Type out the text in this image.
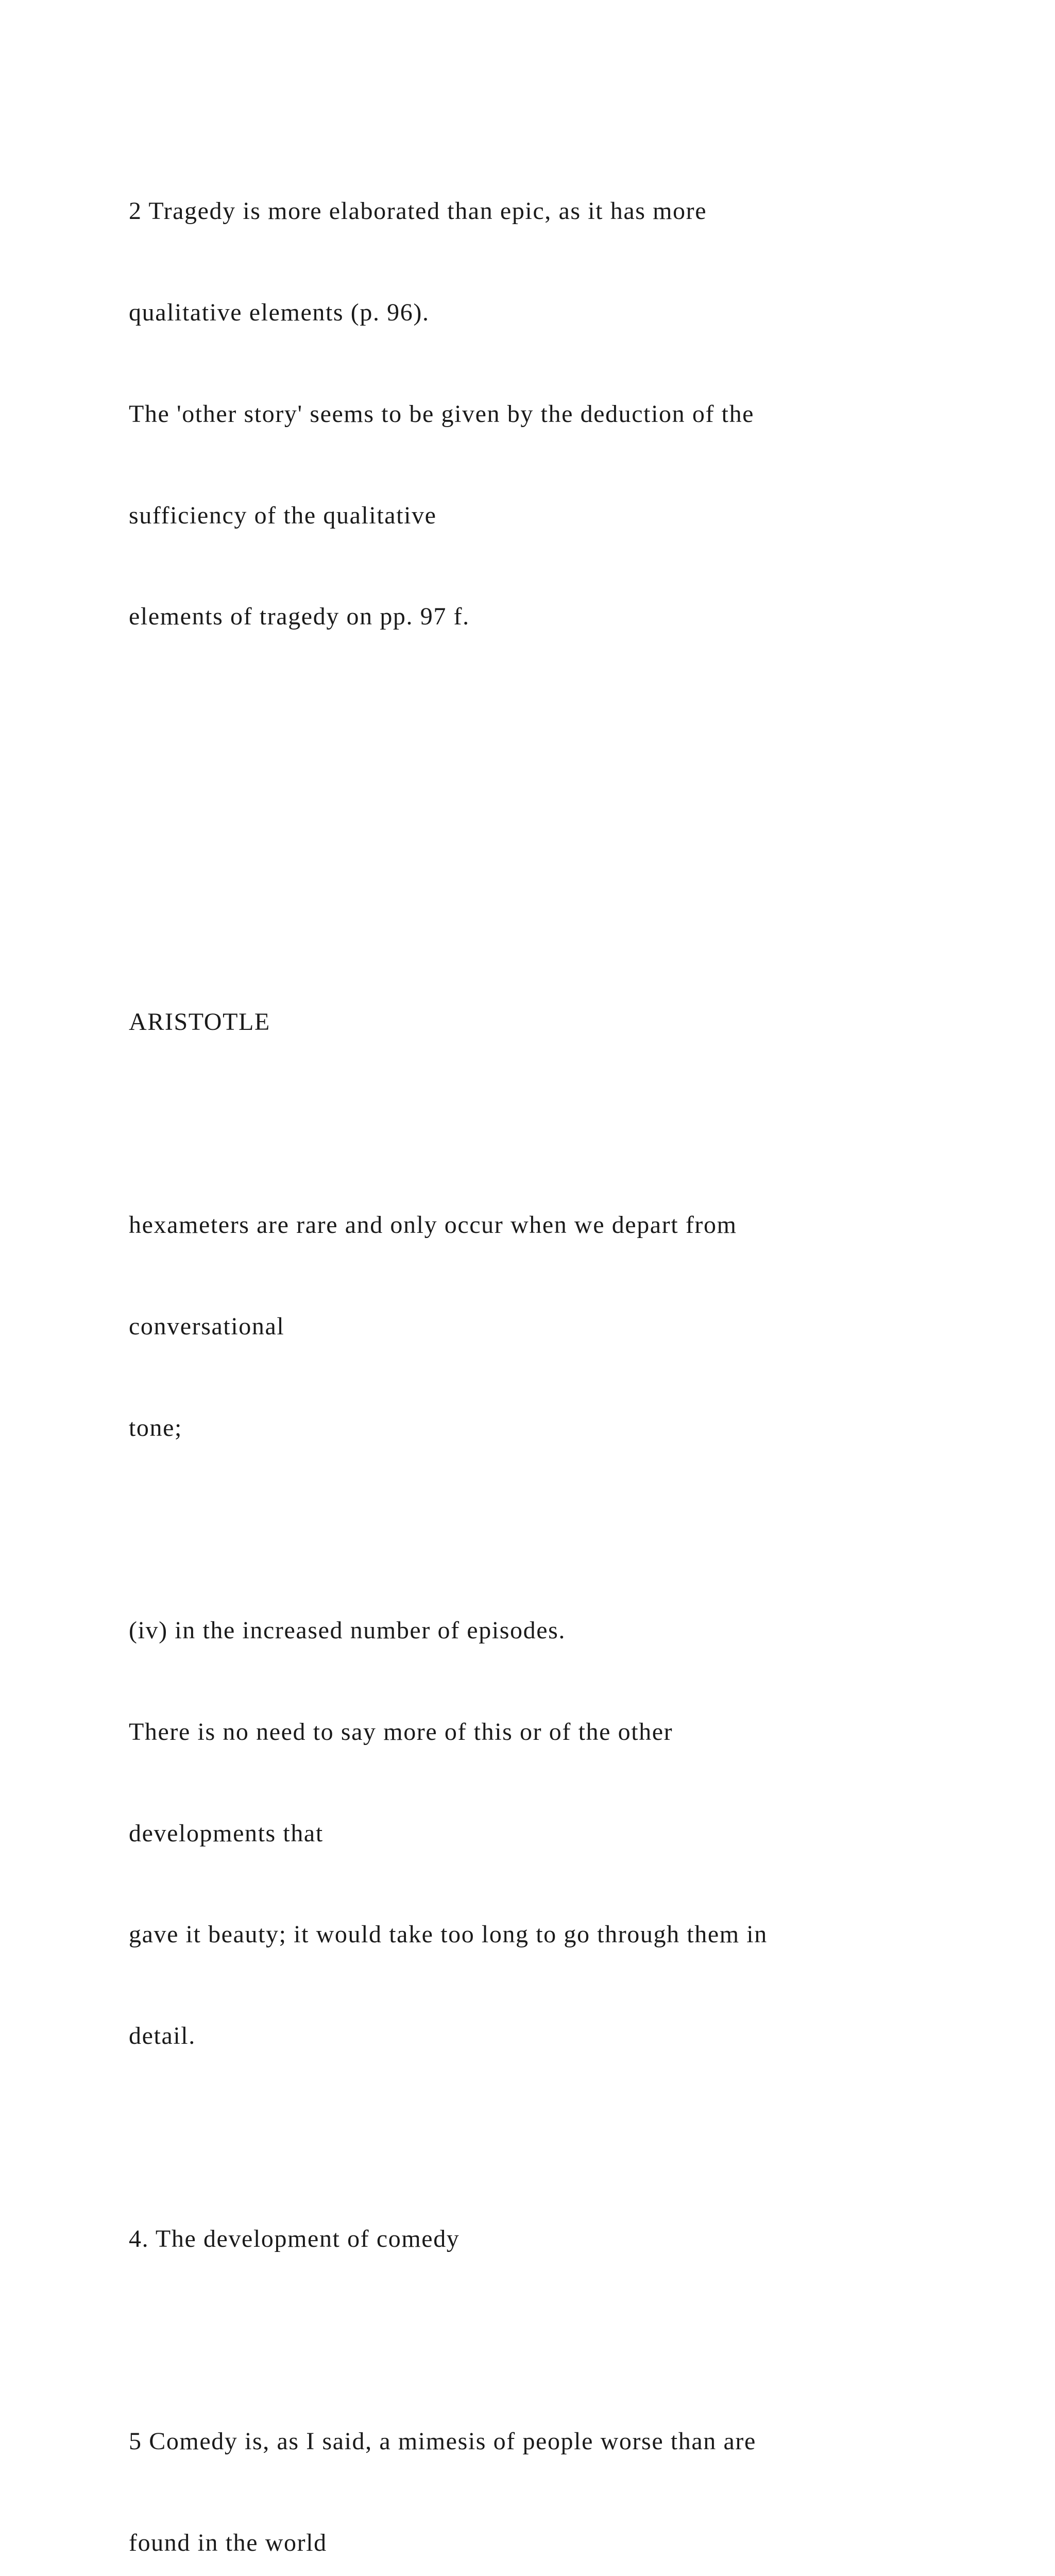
2 Tragedy is more elaborated than epic, as it has more

qualitative elements (p. 96).

The 'other story' seems to be given by the deduction of the

sufficiency of the qualitative

elements of tragedy on pp. 97 f.

ARISTOTLE

hexameters are rare and only occur when we depart from

conversational

tone;

(iv) in the increased number of episodes.

There is no need to say more of this or of the other

developments that

gave it beauty; it would take too long to go through them in

detail.

4. The development of comedy

5 Comedy is, as I said, a mimesis of people worse than are

found in the world
